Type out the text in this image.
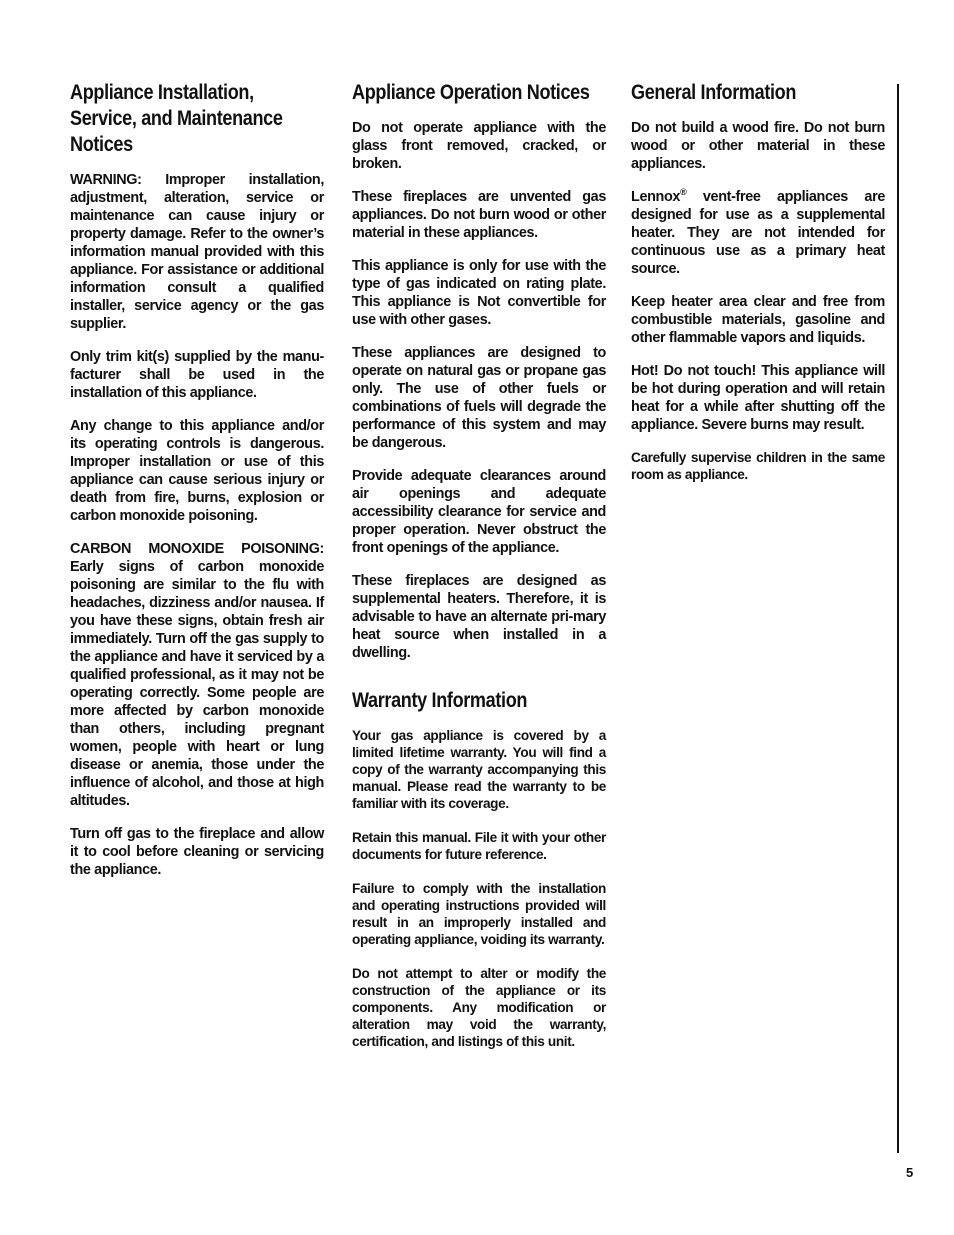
Appliance Installation, Service, and Maintenance Notices

WARNING: Improper installation, adjustment, alteration, service or maintenance can cause injury or property damage. Refer to the owner’s information manual provided with this appliance. For assistance or additional information consult a qualified installer, service agency or the gas supplier.

Only trim kit(s) supplied by the manu-facturer shall be used in the installation of this appliance.

Any change to this appliance and/or its operating controls is dangerous. Improper installation or use of this appliance can cause serious injury or death from fire, burns, explosion or carbon monoxide poisoning.

CARBON MONOXIDE POISONING: Early signs of carbon monoxide poisoning are similar to the flu with headaches, dizziness and/or nausea. If you have these signs, obtain fresh air immediately. Turn off the gas supply to the appliance and have it serviced by a qualified professional, as it may not be operating correctly. Some people are more affected by carbon monoxide than others, including pregnant women, people with heart or lung disease or anemia, those under the influence of alcohol, and those at high altitudes.

Turn off gas to the fireplace and allow it to cool before cleaning or servicing the appliance.

Appliance Operation Notices

Do not operate appliance with the glass front removed, cracked, or broken.

These fireplaces are unvented gas appliances. Do not burn wood or other material in these appliances.

This appliance is only for use with the type of gas indicated on rating plate. This appliance is Not convertible for use with other gases.

These appliances are designed to operate on natural gas or propane gas only. The use of other fuels or combinations of fuels will degrade the performance of this system and may be dangerous.

Provide adequate clearances around air openings and adequate accessibility clearance for service and proper operation. Never obstruct the front openings of the appliance.

These fireplaces are designed as supplemental heaters. Therefore, it is advisable to have an alternate pri-mary heat source when installed in a dwelling.

Warranty Information

Your gas appliance is covered by a limited lifetime warranty. You will find a copy of the warranty accompanying this manual. Please read the warranty to be familiar with its coverage.

Retain this manual. File it with your other documents for future reference.

Failure to comply with the installation and operating instructions provided will result in an improperly installed and operating appliance, voiding its warranty.

Do not attempt to alter or modify the construction of the appliance or its components. Any modification or alteration may void the warranty, certification, and listings of this unit.

General Information

Do not build a wood fire. Do not burn wood or other material in these appliances.

Lennox® vent-free appliances are designed for use as a supplemental heater. They are not intended for continuous use as a primary heat source.

Keep heater area clear and free from combustible materials, gasoline and other flammable vapors and liquids.

Hot! Do not touch! This appliance will be hot during operation and will retain heat for a while after shutting off the appliance. Severe burns may result.

Carefully supervise children in the same room as appliance.

5
